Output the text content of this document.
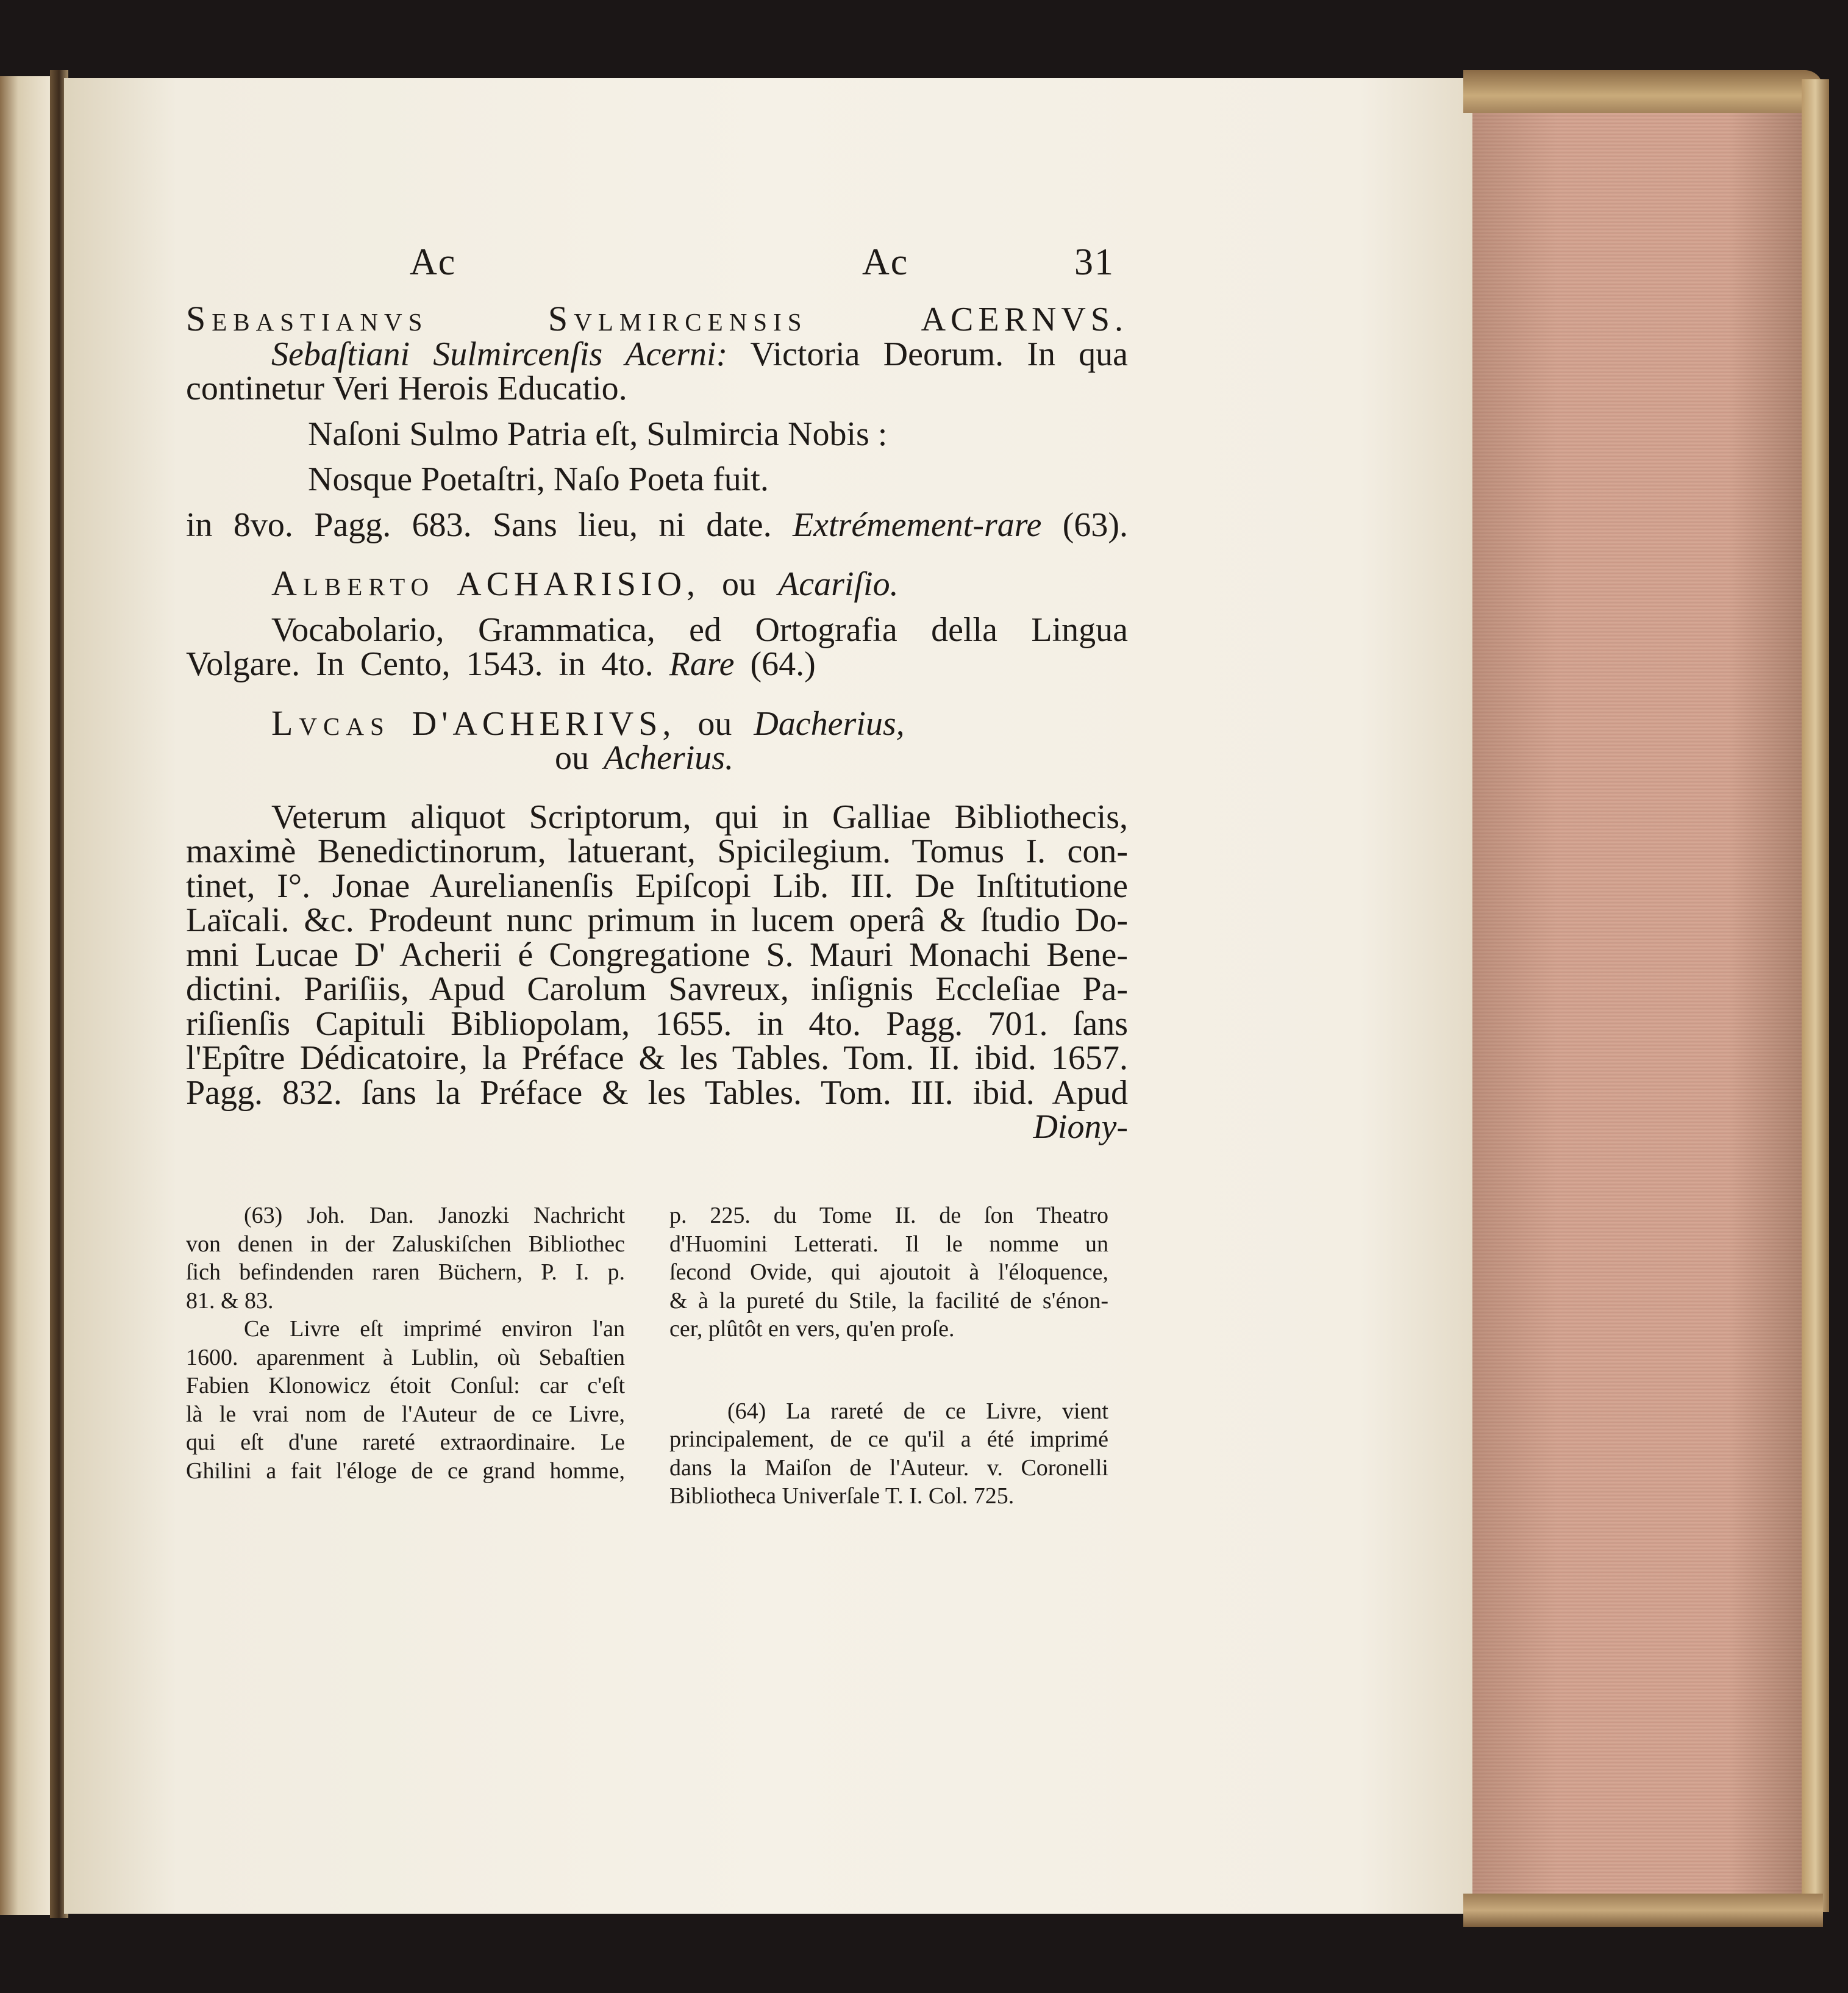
Ac	Ac	31
Sebastianvs Svlmircensis	ACERNVS.
Sebaſtiani Sulmircenſis Acerni: Victoria Deorum. In qua
continetur Veri Herois Educatio.
Naſoni Sulmo Patria eſt, Sulmircia Nobis :
Nosque Poetaſtri, Naſo Poeta fuit.
in 8vo. Pagg. 683. Sans lieu, ni date. Extrémement-rare (63).
Alberto ACHARISIO, ou Acariſio.
Vocabolario, Grammatica, ed Ortografia della Lingua
Volgare. In Cento, 1543. in 4to. Rare (64.)
Lvcas D'ACHERIVS, ou Dacherius,
ou Acherius.
Veterum aliquot Scriptorum, qui in Galliae Bibliothecis,
maximè Benedictinorum, latuerant, Spicilegium. Tomus I. con-
tinet, I°. Jonae Aurelianenſis Epiſcopi Lib. III. De Inſtitutione
Laïcali. &c. Prodeunt nunc primum in lucem operâ & ſtudio Do-
mni Lucae D' Acherii é Congregatione S. Mauri Monachi Bene-
dictini. Pariſiis, Apud Carolum Savreux, inſignis Eccleſiae Pa-
riſienſis Capituli Bibliopolam, 1655. in 4to. Pagg. 701. ſans
l'Epître Dédicatoire, la Préface & les Tables. Tom. II. ibid. 1657.
Pagg. 832. ſans la Préface & les Tables. Tom. III. ibid. Apud
Diony-
(63) Joh. Dan. Janozki Nachricht
von denen in der Zaluskiſchen Bibliothec
ſich befindenden raren Büchern, P. I. p.
81. & 83.
Ce Livre eſt imprimé environ l'an
1600. aparenment à Lublin, où Sebaſtien
Fabien Klonowicz étoit Conſul: car c'eſt
là le vrai nom de l'Auteur de ce Livre,
qui eſt d'une rareté extraordinaire. Le
Ghilini a fait l'éloge de ce grand homme,
p. 225. du Tome II. de ſon Theatro
d'Huomini Letterati. Il le nomme un
ſecond Ovide, qui ajoutoit à l'éloquence,
& à la pureté du Stile, la facilité de s'énon-
cer, plûtôt en vers, qu'en proſe.
(64) La rareté de ce Livre, vient
principalement, de ce qu'il a été imprimé
dans la Maiſon de l'Auteur. v. Coronelli
Bibliotheca Univerſale T. I. Col. 725.
